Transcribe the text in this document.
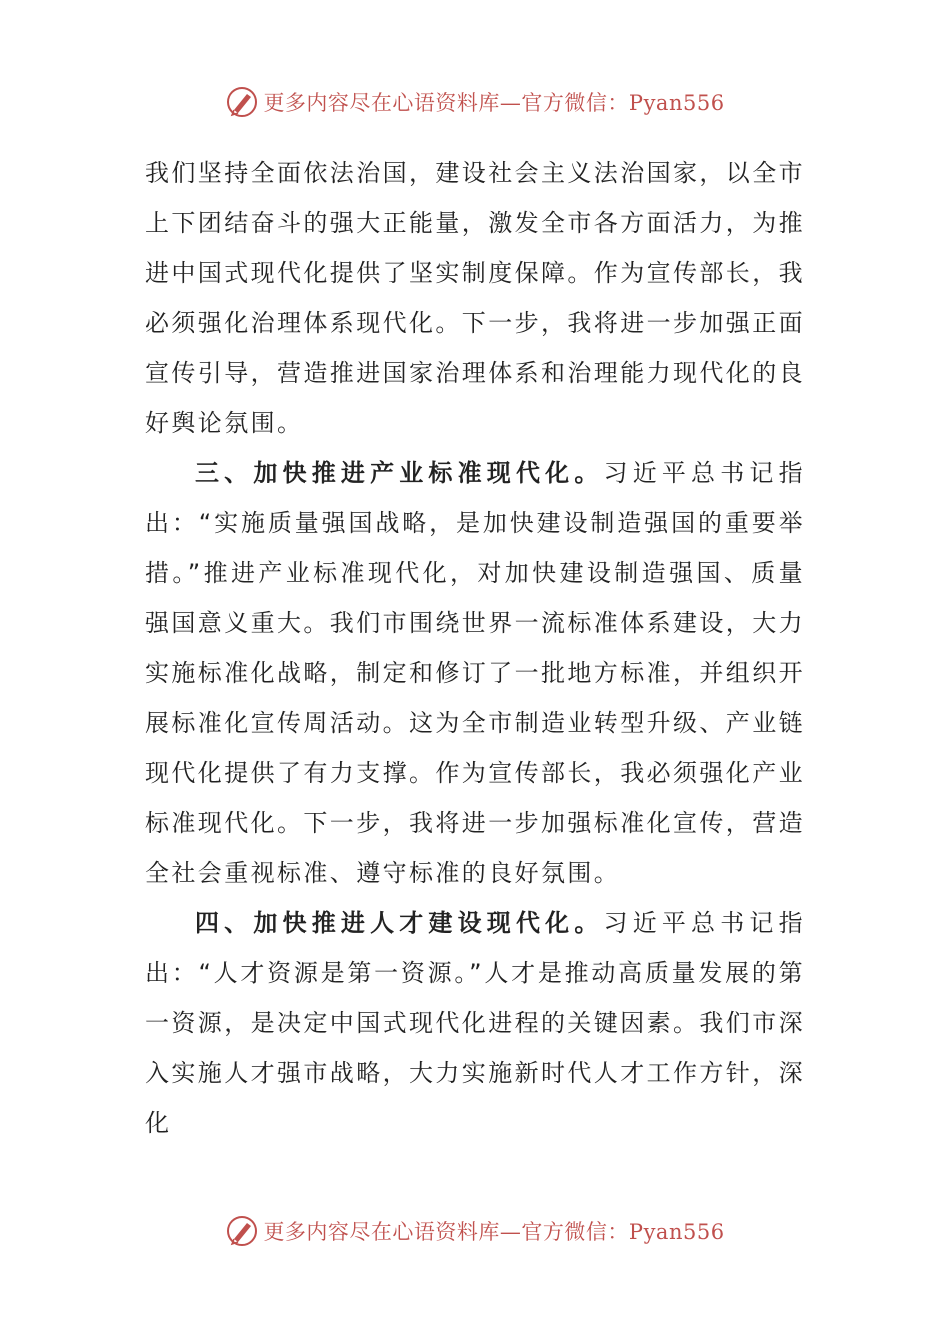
更多内容尽在心语资料库—官方微信：Pyan556

我们坚持全面依法治国，建设社会主义法治国家，以全市上下团结奋斗的强大正能量，激发全市各方面活力，为推进中国式现代化提供了坚实制度保障。作为宣传部长，我必须强化治理体系现代化。下一步，我将进一步加强正面宣传引导，营造推进国家治理体系和治理能力现代化的良好舆论氛围。

三、加快推进产业标准现代化。习近平总书记指出：“实施质量强国战略，是加快建设制造强国的重要举措。”推进产业标准现代化，对加快建设制造强国、质量强国意义重大。我们市围绕世界一流标准体系建设，大力实施标准化战略，制定和修订了一批地方标准，并组织开展标准化宣传周活动。这为全市制造业转型升级、产业链现代化提供了有力支撑。作为宣传部长，我必须强化产业标准现代化。下一步，我将进一步加强标准化宣传，营造全社会重视标准、遵守标准的良好氛围。

四、加快推进人才建设现代化。习近平总书记指出：“人才资源是第一资源。”人才是推动高质量发展的第一资源，是决定中国式现代化进程的关键因素。我们市深入实施人才强市战略，大力实施新时代人才工作方针，深化

更多内容尽在心语资料库—官方微信：Pyan556
